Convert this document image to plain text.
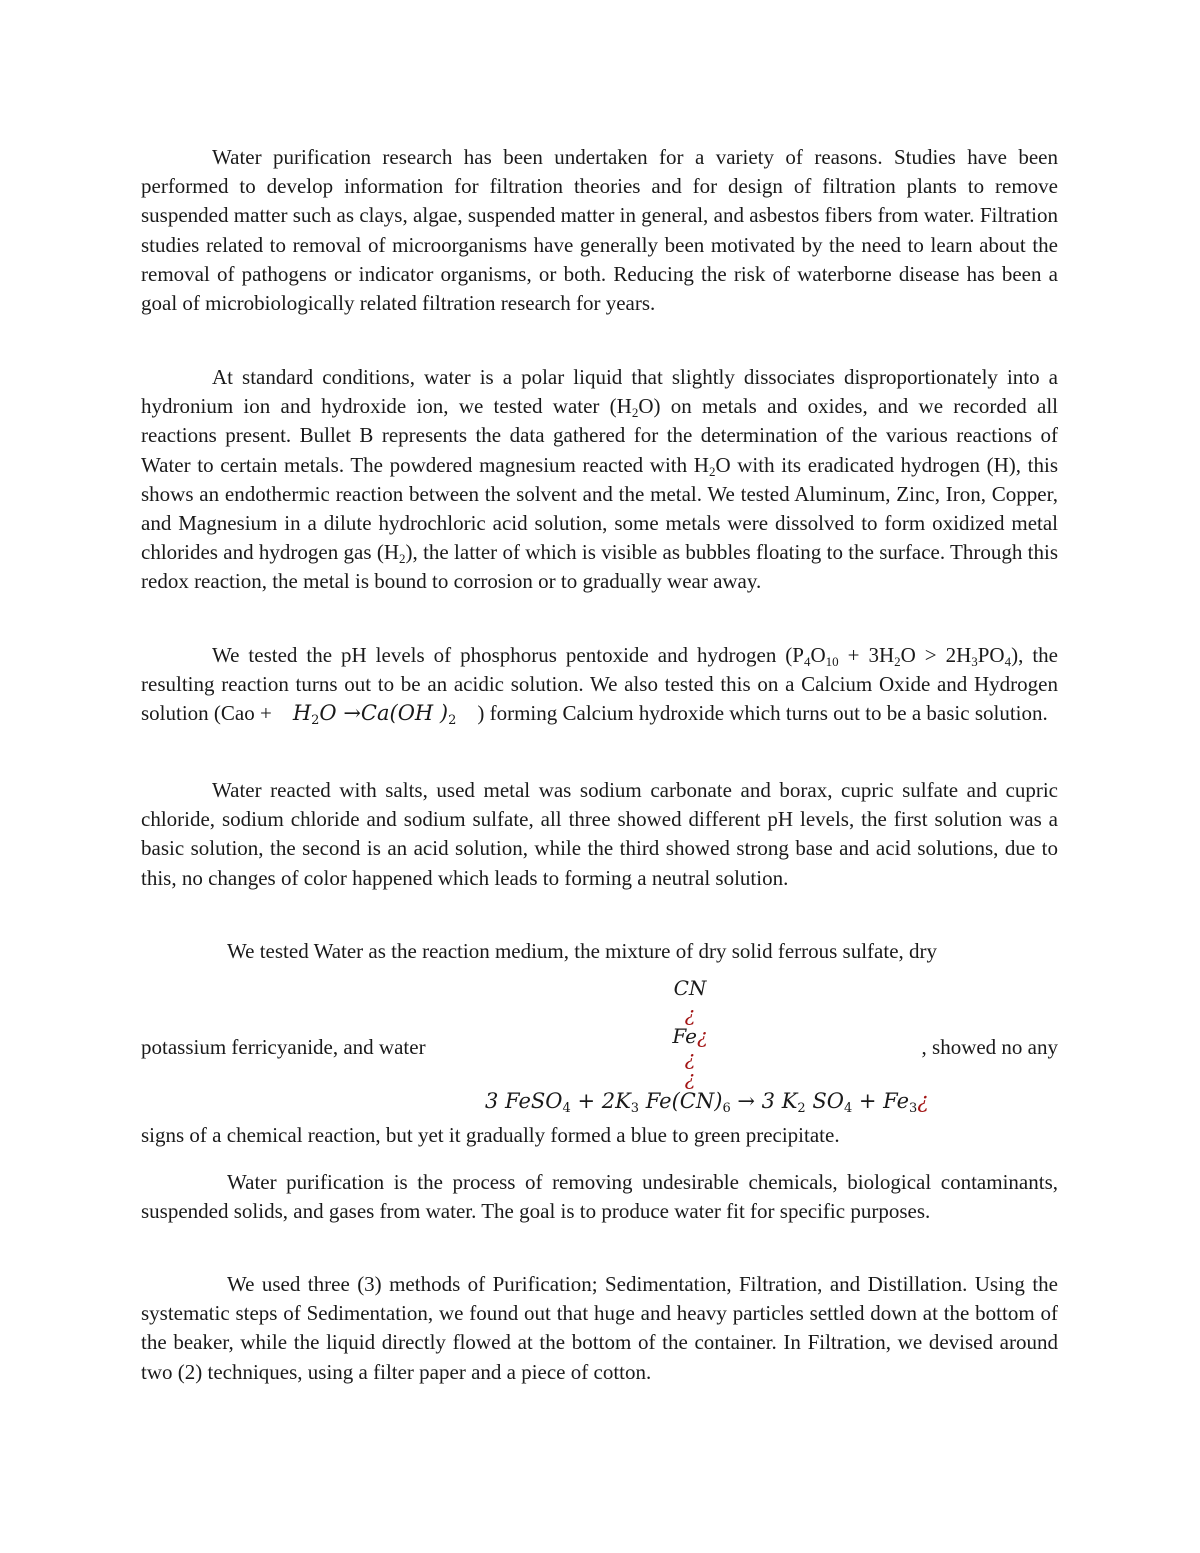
Water purification research has been undertaken for a variety of reasons. Studies have been performed to develop information for filtration theories and for design of filtration plants to remove suspended matter such as clays, algae, suspended matter in general, and asbestos fibers from water. Filtration studies related to removal of microorganisms have generally been motivated by the need to learn about the removal of pathogens or indicator organisms, or both. Reducing the risk of waterborne disease has been a goal of microbiologically related filtration research for years.

At standard conditions, water is a polar liquid that slightly dissociates disproportionately into a hydronium ion and hydroxide ion, we tested water $(H_2O)$ on metals and oxides, and we recorded all reactions present. Bullet B represents the data gathered for the determination of the various reactions of Water to certain metals. The powdered magnesium reacted with $H_2O$ with its eradicated hydrogen (H), this shows an endothermic reaction between the solvent and the metal. We tested Aluminum, Zinc, Iron, Copper, and Magnesium in a dilute hydrochloric acid solution, some metals were dissolved to form oxidized metal chlorides and hydrogen gas $(H_2)$, the latter of which is visible as bubbles floating to the surface. Through this redox reaction, the metal is bound to corrosion or to gradually wear away.

We tested the pH levels of phosphorus pentoxide and hydrogen $(P_4O_{10} + 3H_2O > 2H_3PO_4)$, the resulting reaction turns out to be an acidic solution. We also tested this on a Calcium Oxide and Hydrogen solution ($Cao + H_2O \to Ca(OH$ )$_2$ ) forming Calcium hydroxide which turns out to be a basic solution.

Water reacted with salts, used metal was sodium carbonate and borax, cupric sulfate and cupric chloride, sodium chloride and sodium sulfate, all three showed different pH levels, the first solution was a basic solution, the second is an acid solution, while the third showed strong base and acid solutions, due to this, no changes of color happened which leads to forming a neutral solution.

We tested Water as the reaction medium, the mixture of dry solid ferrous sulfate, dry
CN
¿
Fe¿
¿
¿
potassium ferricyanide, and water	, showed no any
3 FeSO$_4$ + $2K_3$ $Fe(CN)_6 \to 3$ $K_2$ $SO_4$ + $Fe_3¿$
signs of a chemical reaction, but yet it gradually formed a blue to green precipitate.

Water purification is the process of removing undesirable chemicals, biological contaminants, suspended solids, and gases from water. The goal is to produce water fit for specific purposes.

We used three (3) methods of Purification; Sedimentation, Filtration, and Distillation. Using the systematic steps of Sedimentation, we found out that huge and heavy particles settled down at the bottom of the beaker, while the liquid directly flowed at the bottom of the container. In Filtration, we devised around two (2) techniques, using a filter paper and a piece of cotton.
